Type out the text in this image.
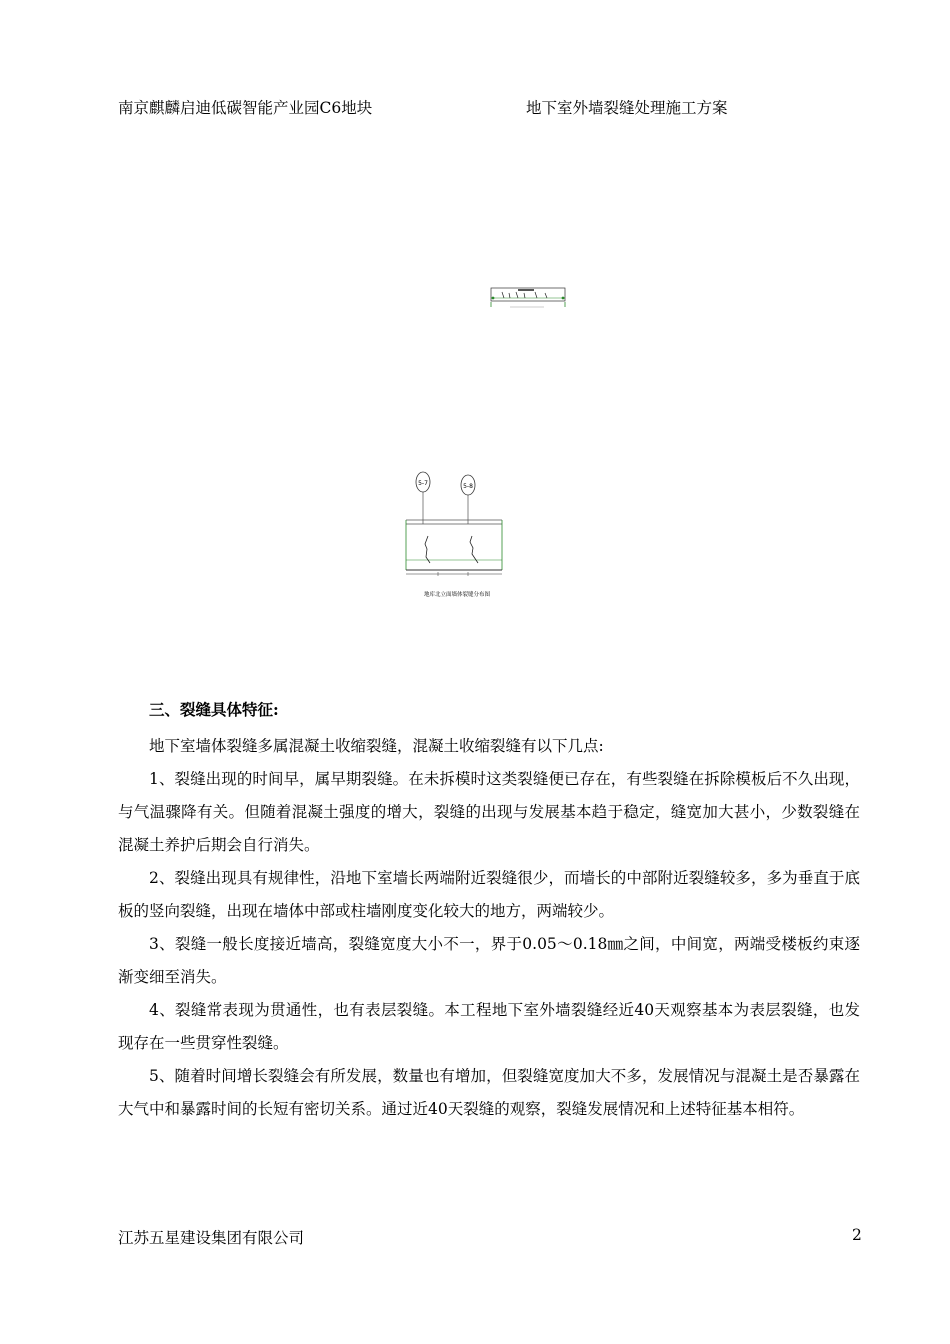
南京麒麟启迪低碳智能产业园C6地块	地下室外墙裂缝处理施工方案
5-7	5-8
地库北立面墙体裂缝分布图
三、裂缝具体特征:

地下室墙体裂缝多属混凝土收缩裂缝，混凝土收缩裂缝有以下几点:

1、裂缝出现的时间早，属早期裂缝。在未拆模时这类裂缝便已存在，有些裂缝在拆除模板后不久出现，与气温骤降有关。但随着混凝土强度的增大，裂缝的出现与发展基本趋于稳定，缝宽加大甚小，少数裂缝在混凝土养护后期会自行消失。

2、裂缝出现具有规律性，沿地下室墙长两端附近裂缝很少，而墙长的中部附近裂缝较多，多为垂直于底板的竖向裂缝，出现在墙体中部或柱墙刚度变化较大的地方，两端较少。

3、裂缝一般长度接近墙高，裂缝宽度大小不一，界于0.05～0.18㎜之间，中间宽，两端受楼板约束逐渐变细至消失。

4、裂缝常表现为贯通性，也有表层裂缝。本工程地下室外墙裂缝经近40天观察基本为表层裂缝，也发现存在一些贯穿性裂缝。

5、随着时间增长裂缝会有所发展，数量也有增加，但裂缝宽度加大不多，发展情况与混凝土是否暴露在大气中和暴露时间的长短有密切关系。通过近40天裂缝的观察，裂缝发展情况和上述特征基本相符。

江苏五星建设集团有限公司	2
